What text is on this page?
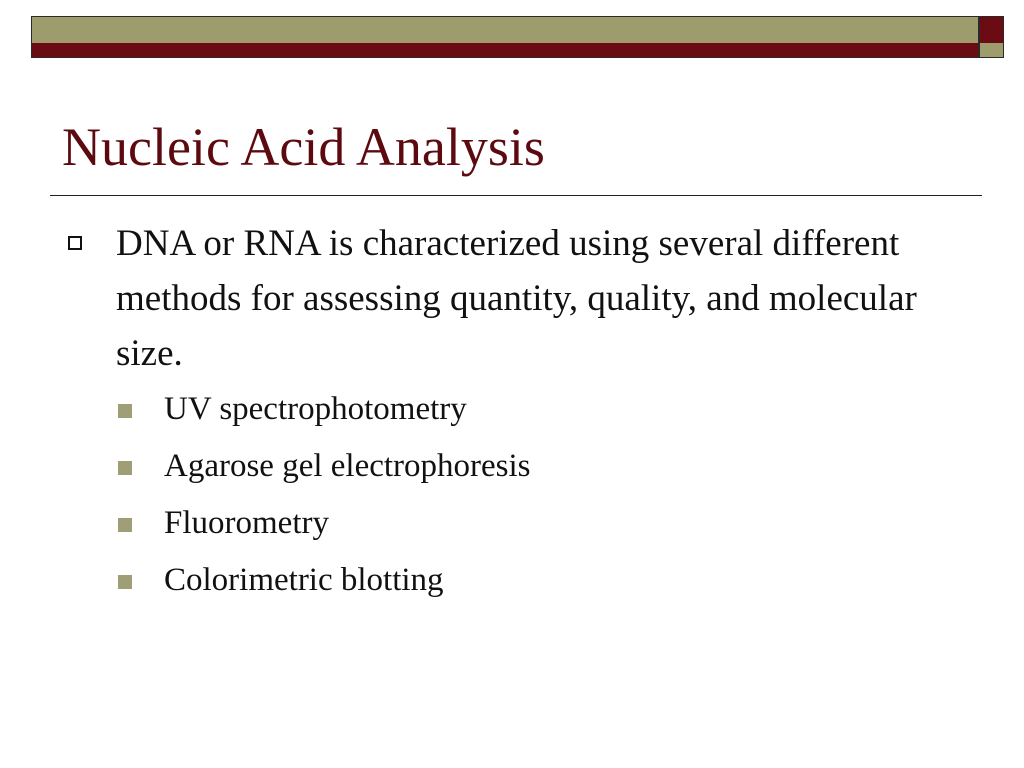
Nucleic Acid Analysis

DNA or RNA is characterized using several different methods for assessing quantity, quality, and molecular size.

UV spectrophotometry
Agarose gel electrophoresis
Fluorometry
Colorimetric blotting
